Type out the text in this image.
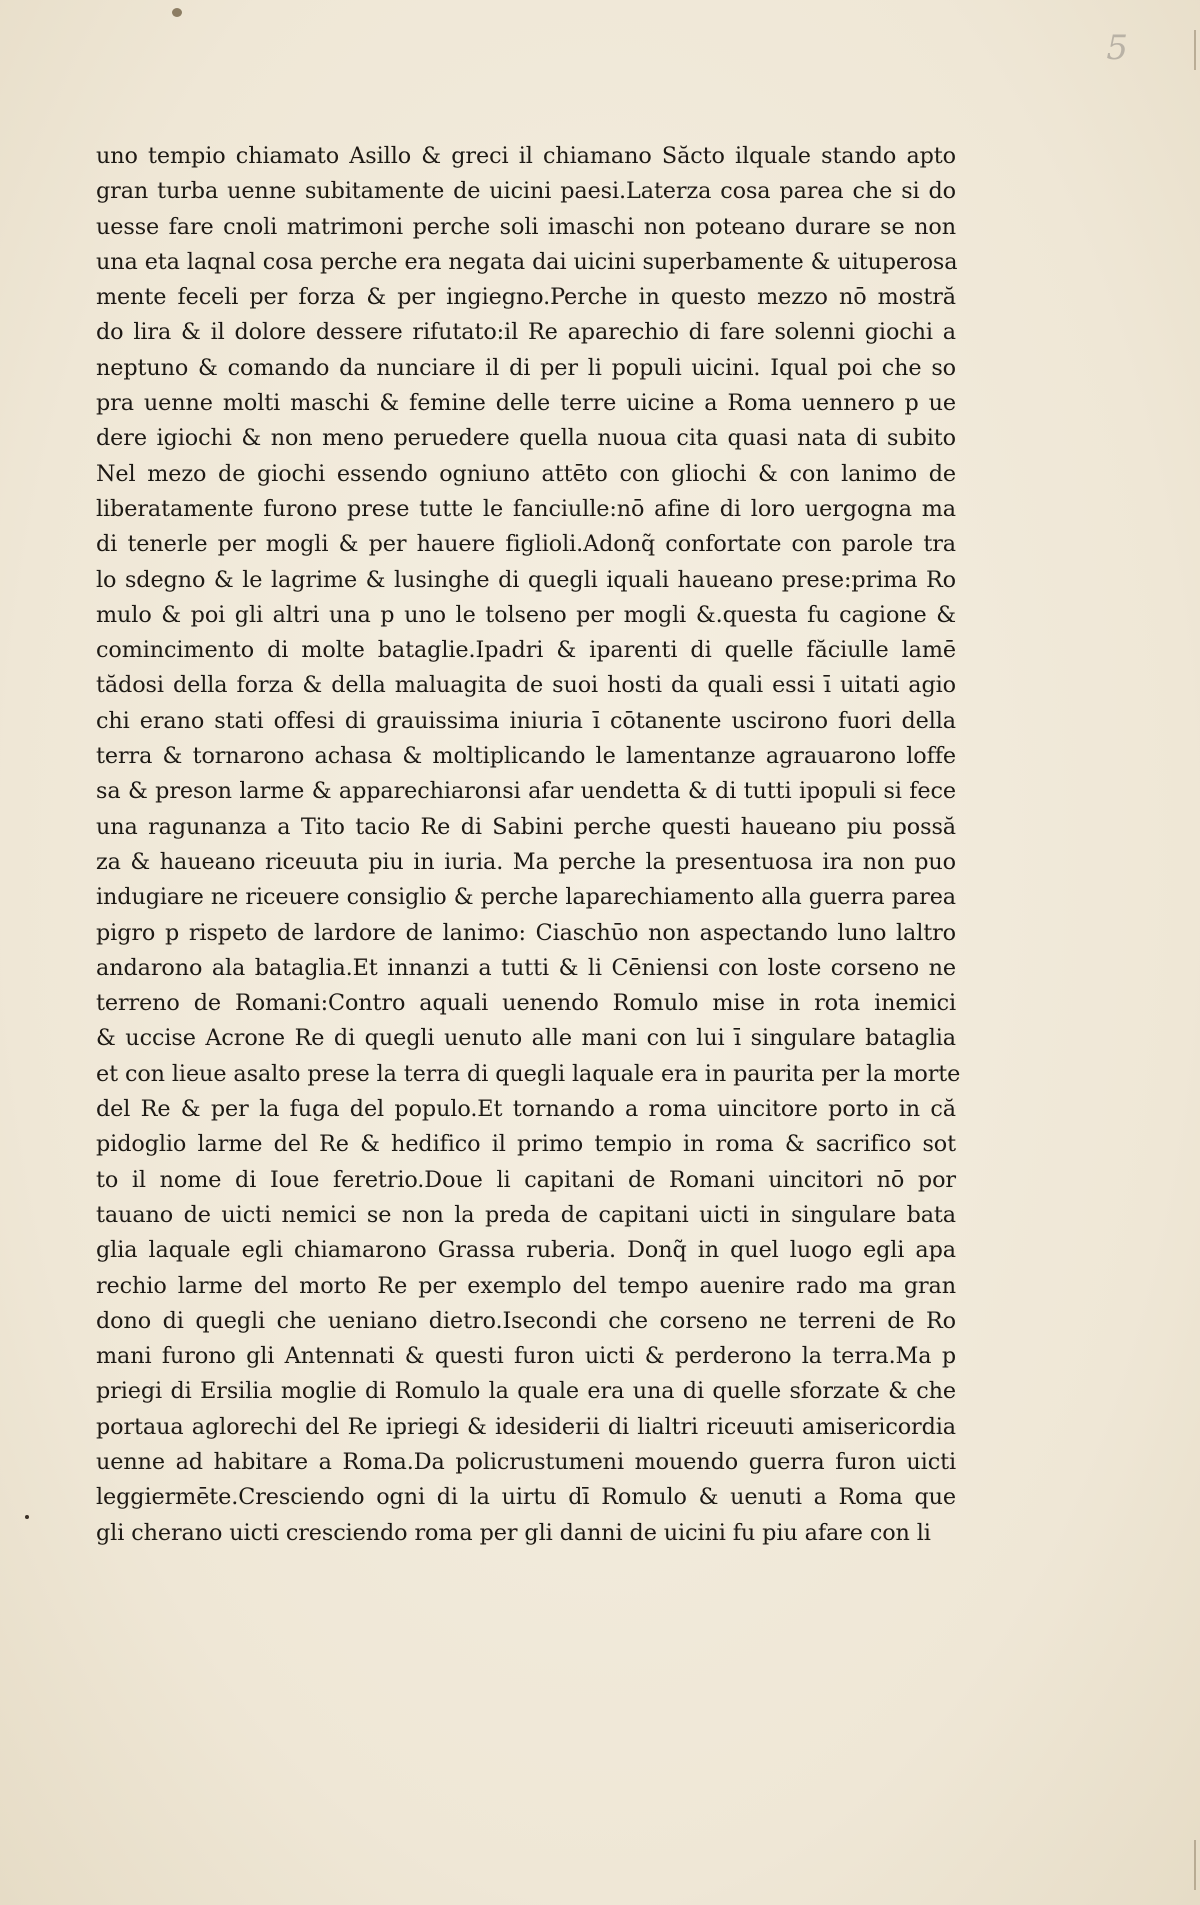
5
uno tempio chiamato Asillo & greci il chiamano Săcto ilquale stando apto
gran turba uenne subitamente de uicini paesi.Laterza cosa parea che si do
uesse fare cnoli matrimoni perche soli imaschi non poteano durare se non
una eta laqnal cosa perche era negata dai uicini superbamente & uituperosa
mente feceli per forza & per ingiegno.Perche in questo mezzo nō mostră
do lira & il dolore dessere rifutato:il Re aparechio di fare solenni giochi a
neptuno & comando da nunciare il di per li populi uicini. Iqual poi che so
pra uenne molti maschi & femine delle terre uicine a Roma uennero p ue
dere igiochi & non meno peruedere quella nuoua cita quasi nata di subito
Nel mezo de giochi essendo ogniuno attēto con gliochi & con lanimo de
liberatamente furono prese tutte le fanciulle:nō afine di loro uergogna ma
di tenerle per mogli & per hauere figlioli.Adonq̃ confortate con parole tra
lo sdegno & le lagrime & lusinghe di quegli iquali haueano prese:prima Ro
mulo & poi gli altri una p uno le tolseno per mogli &.questa fu cagione &
comincimento di molte bataglie.Ipadri & iparenti di quelle făciulle lamē
tădosi della forza & della maluagita de suoi hosti da quali essi ī uitati agio
chi erano stati offesi di grauissima iniuria ī cōtanente uscirono fuori della
terra & tornarono achasa & moltiplicando le lamentanze agrauarono loffe
sa & preson larme & apparechiaronsi afar uendetta & di tutti ipopuli si fece
una ragunanza a Tito tacio Re di Sabini perche questi haueano piu possă
za & haueano riceuuta piu in iuria. Ma perche la presentuosa ira non puo
indugiare ne riceuere consiglio & perche laparechiamento alla guerra parea
pigro p rispeto de lardore de lanimo: Ciaschūo non aspectando luno laltro
andarono ala bataglia.Et innanzi a tutti & li Cēniensi con loste corseno ne
terreno de Romani:Contro aquali uenendo Romulo mise in rota inemici
& uccise Acrone Re di quegli uenuto alle mani con lui ī singulare bataglia
et con lieue asalto prese la terra di quegli laquale era in paurita per la morte
del Re & per la fuga del populo.Et tornando a roma uincitore porto in că
pidoglio larme del Re & hedifico il primo tempio in roma & sacrifico sot
to il nome di Ioue feretrio.Doue li capitani de Romani uincitori nō por
tauano de uicti nemici se non la preda de capitani uicti in singulare bata
glia laquale egli chiamarono Grassa ruberia. Donq̃ in quel luogo egli apa
rechio larme del morto Re per exemplo del tempo auenire rado ma gran
dono di quegli che ueniano dietro.Isecondi che corseno ne terreni de Ro
mani furono gli Antennati & questi furon uicti & perderono la terra.Ma p
priegi di Ersilia moglie di Romulo la quale era una di quelle sforzate & che
portaua aglorechi del Re ipriegi & idesiderii di lialtri riceuuti amisericordia
uenne ad habitare a Roma.Da policrustumeni mouendo guerra furon uicti
leggiermēte.Cresciendo ogni di la uirtu dī Romulo & uenuti a Roma que
gli cherano uicti cresciendo roma per gli danni de uicini fu piu afare con li
